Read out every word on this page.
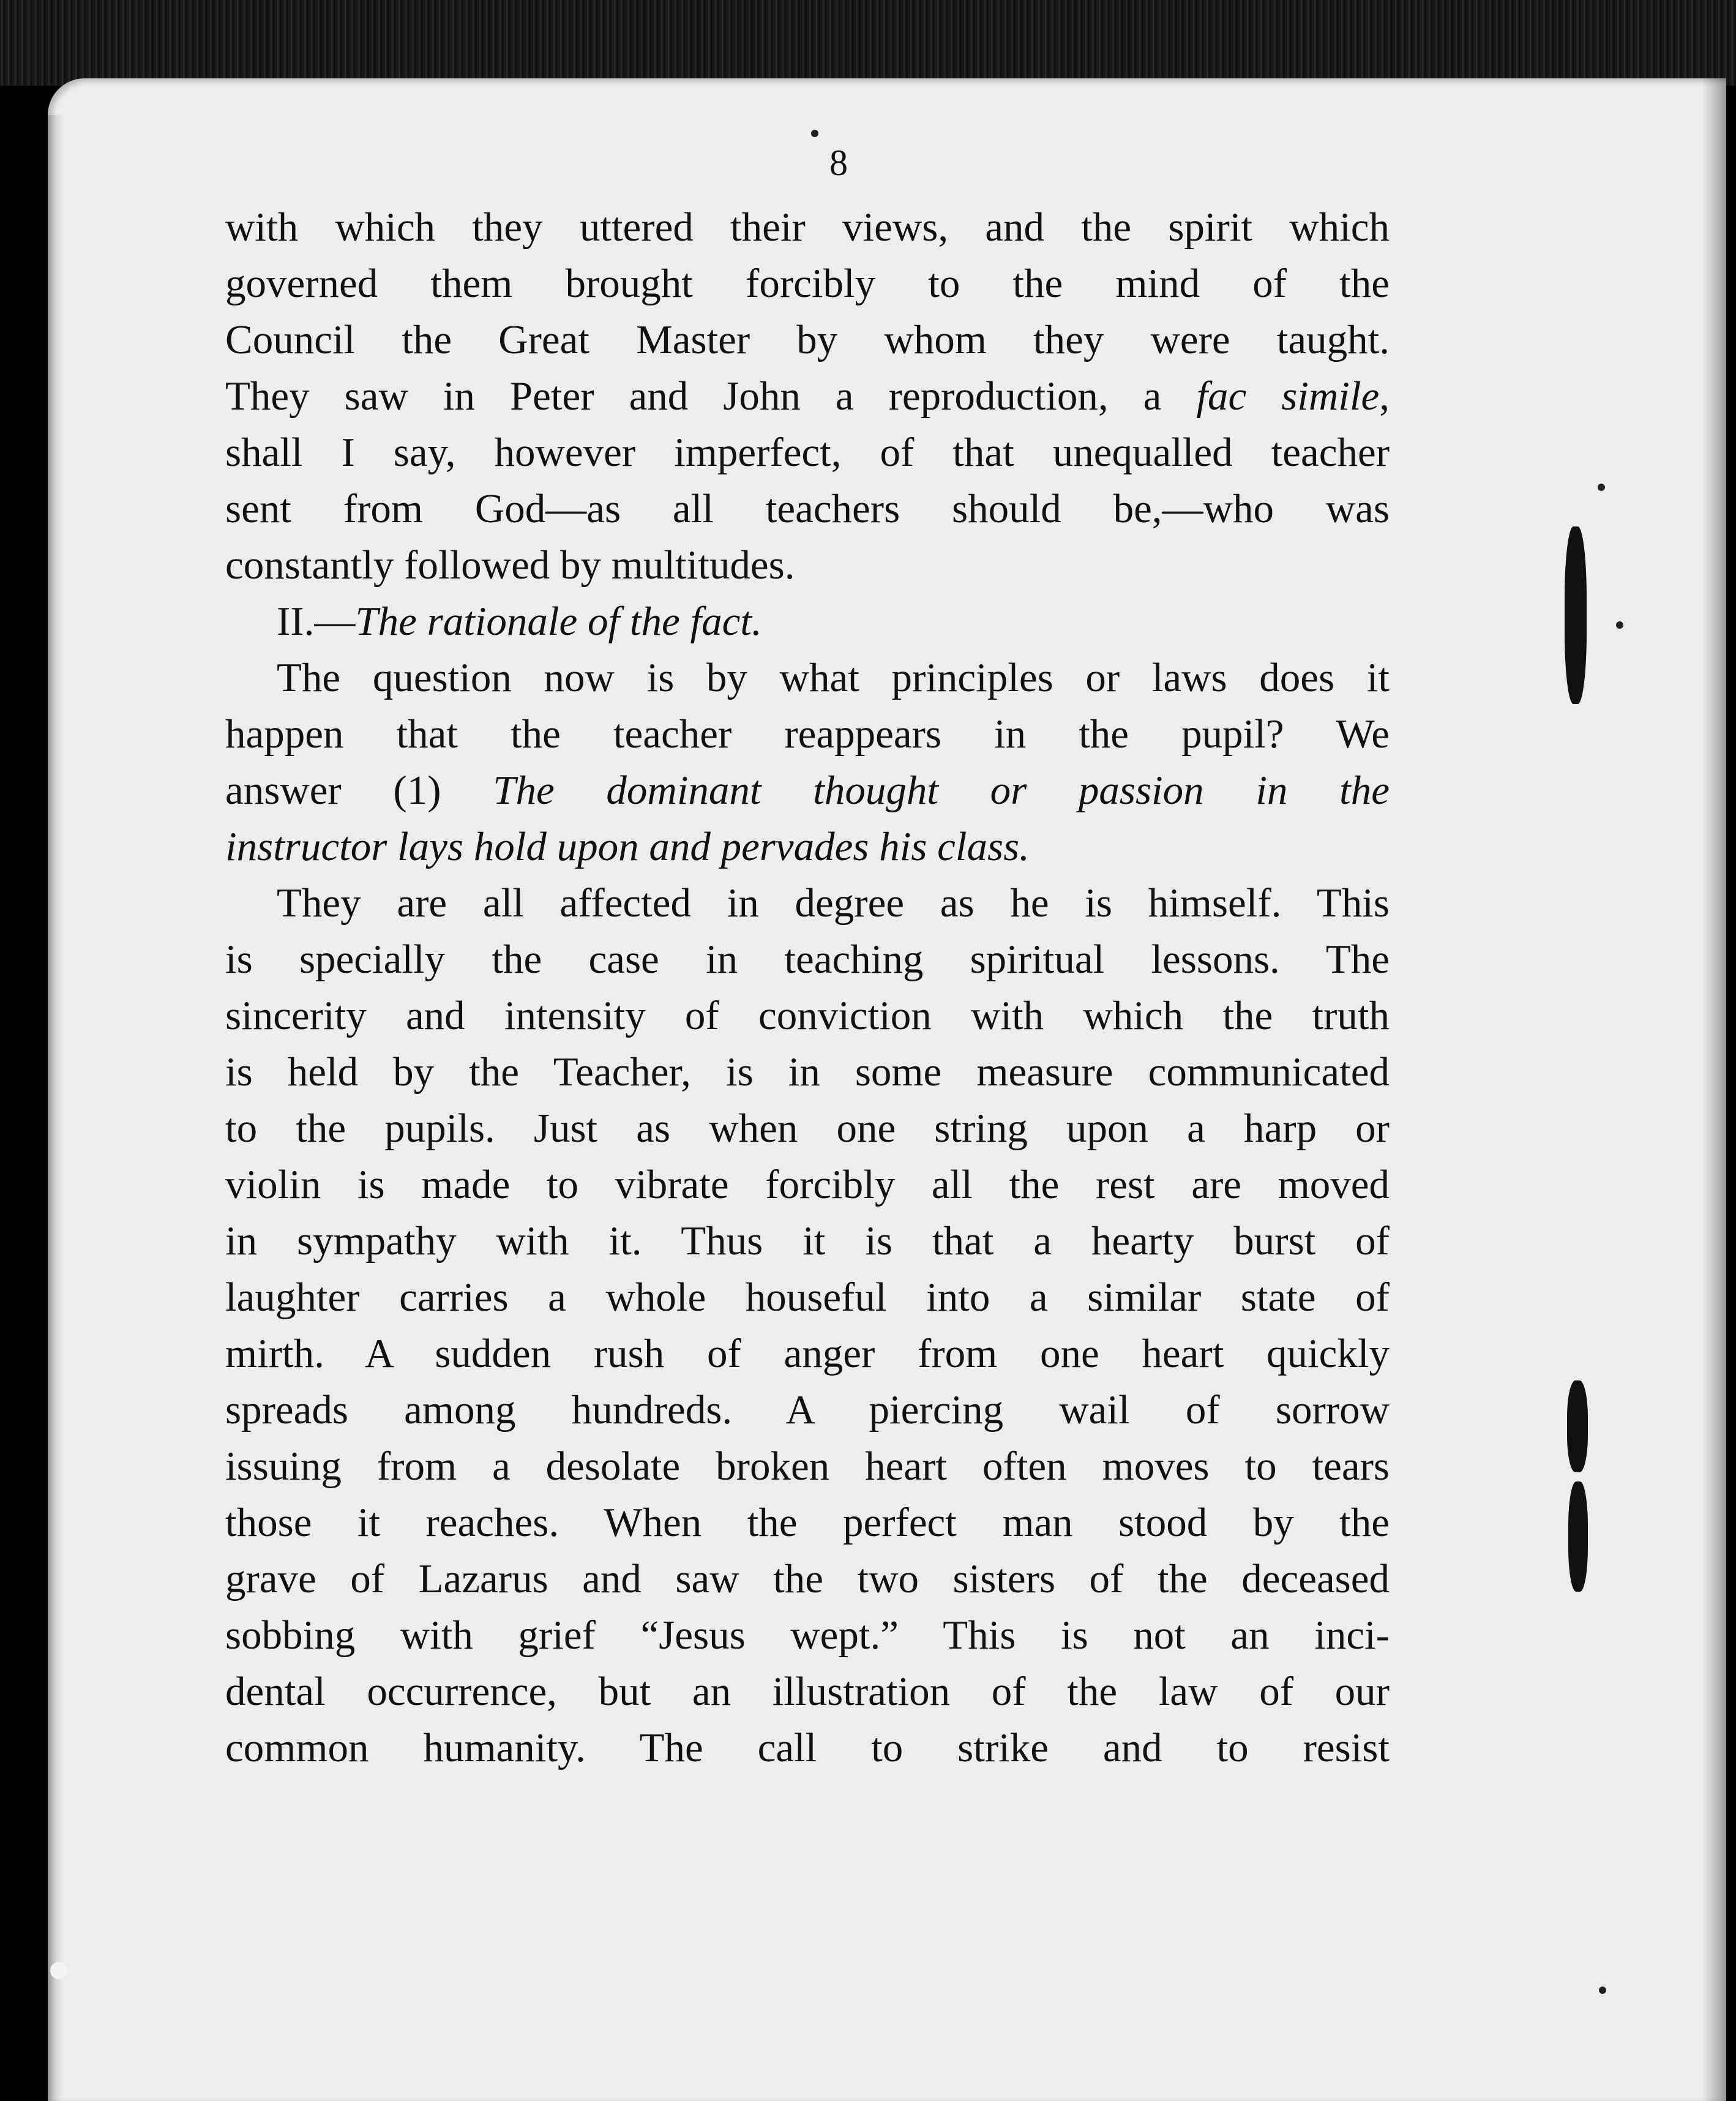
8
with which they uttered their views, and the spirit which
governed them brought forcibly to the mind of the
Council the Great Master by whom they were taught.
They saw in Peter and John a reproduction, a fac simile,
shall I say, however imperfect, of that unequalled teacher
sent from God—as all teachers should be,—who was
constantly followed by multitudes.
II.—The rationale of the fact.
The question now is by what principles or laws does it
happen that the teacher reappears in the pupil? We
answer (1) The dominant thought or passion in the
instructor lays hold upon and pervades his class.
They are all affected in degree as he is himself. This
is specially the case in teaching spiritual lessons. The
sincerity and intensity of conviction with which the truth
is held by the Teacher, is in some measure communicated
to the pupils. Just as when one string upon a harp or
violin is made to vibrate forcibly all the rest are moved
in sympathy with it. Thus it is that a hearty burst of
laughter carries a whole houseful into a similar state of
mirth. A sudden rush of anger from one heart quickly
spreads among hundreds. A piercing wail of sorrow
issuing from a desolate broken heart often moves to tears
those it reaches. When the perfect man stood by the
grave of Lazarus and saw the two sisters of the deceased
sobbing with grief “Jesus wept.” This is not an inci-
dental occurrence, but an illustration of the law of our
common humanity. The call to strike and to resist
